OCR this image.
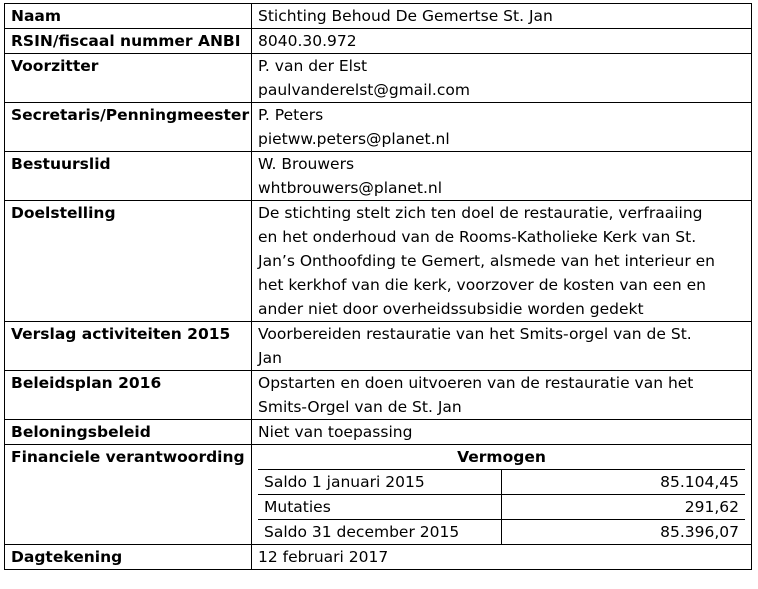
Naam	Stichting Behoud De Gemertse St. Jan
RSIN/fiscaal nummer ANBI	8040.30.972
Voorzitter	P. van der Elst
paulvanderelst@gmail.com

Secretaris/Penningmeester	P. Peters
pietww.peters@planet.nl

Bestuurslid	W. Brouwers
whtbrouwers@planet.nl

Doelstelling	De stichting stelt zich ten doel de restauratie, verfraaiing
en het onderhoud van de Rooms-Katholieke Kerk van St.
Jan’s Onthoofding te Gemert, alsmede van het interieur en
het kerkhof van die kerk, voorzover de kosten van een en
ander niet door overheidssubsidie worden gedekt

Verslag activiteiten 2015	Voorbereiden restauratie van het Smits-orgel van de St.
Jan

Beleidsplan 2016	Opstarten en doen uitvoeren van de restauratie van het
Smits-Orgel van de St. Jan

Beloningsbeleid	Niet van toepassing
Financiele verantwoording		Vermogen
Saldo 1 januari 2015	85.104,45
Mutaties	291,62
Saldo 31 december 2015	85.396,07

Dagtekening	12 februari 2017
